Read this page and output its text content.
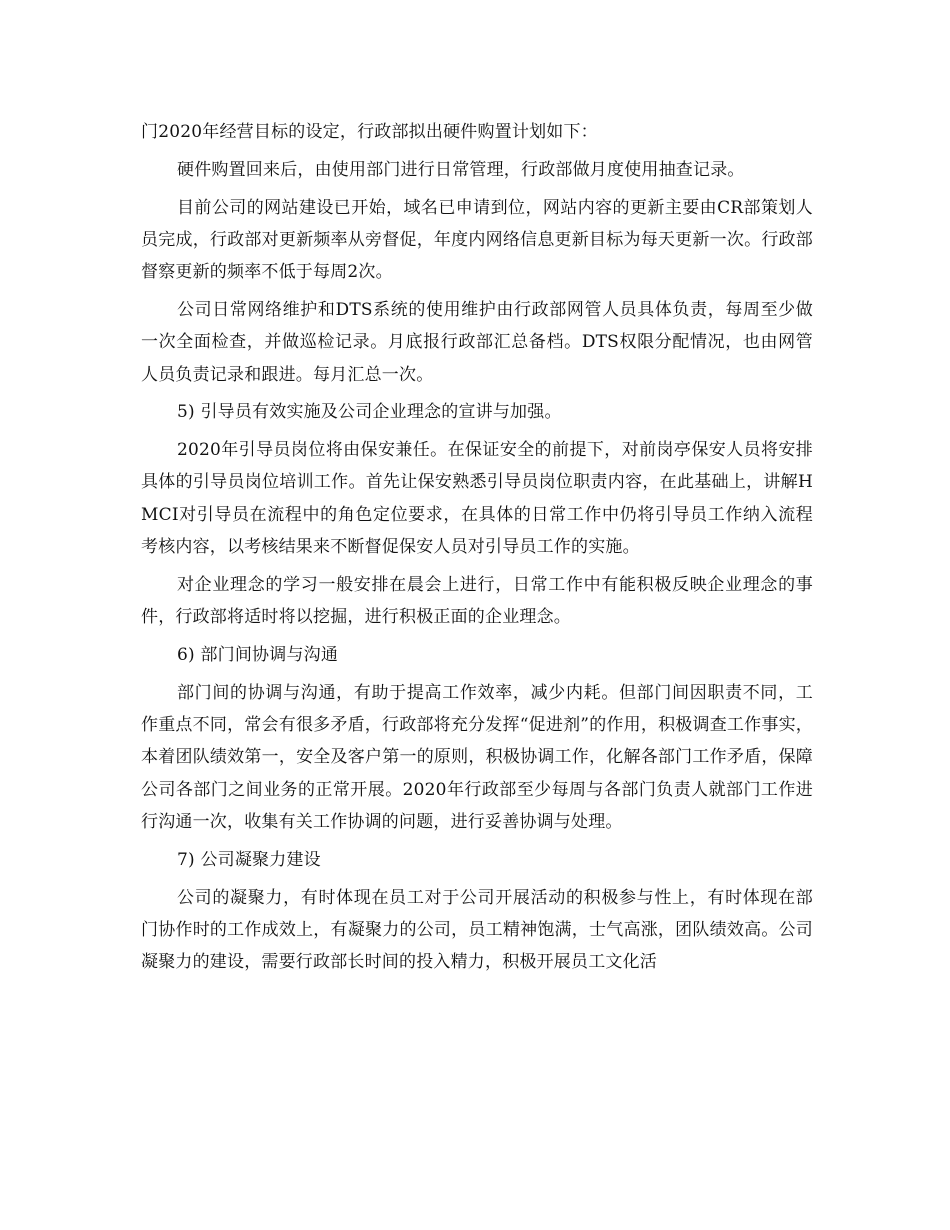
门2020年经营目标的设定，行政部拟出硬件购置计划如下：

硬件购置回来后，由使用部门进行日常管理，行政部做月度使用抽查记录。

目前公司的网站建设已开始，域名已申请到位，网站内容的更新主要由CR部策划人员完成，行政部对更新频率从旁督促，年度内网络信息更新目标为每天更新一次。行政部督察更新的频率不低于每周2次。

公司日常网络维护和DTS系统的使用维护由行政部网管人员具体负责，每周至少做一次全面检查，并做巡检记录。月底报行政部汇总备档。DTS权限分配情况，也由网管人员负责记录和跟进。每月汇总一次。

5) 引导员有效实施及公司企业理念的宣讲与加强。

2020年引导员岗位将由保安兼任。在保证安全的前提下，对前岗亭保安人员将安排具体的引导员岗位培训工作。首先让保安熟悉引导员岗位职责内容，在此基础上，讲解HMCI对引导员在流程中的角色定位要求，在具体的日常工作中仍将引导员工作纳入流程考核内容，以考核结果来不断督促保安人员对引导员工作的实施。

对企业理念的学习一般安排在晨会上进行，日常工作中有能积极反映企业理念的事件，行政部将适时将以挖掘，进行积极正面的企业理念。

6) 部门间协调与沟通

部门间的协调与沟通，有助于提高工作效率，减少内耗。但部门间因职责不同，工作重点不同，常会有很多矛盾，行政部将充分发挥“促进剂”的作用，积极调查工作事实，本着团队绩效第一，安全及客户第一的原则，积极协调工作，化解各部门工作矛盾，保障公司各部门之间业务的正常开展。2020年行政部至少每周与各部门负责人就部门工作进行沟通一次，收集有关工作协调的问题，进行妥善协调与处理。

7) 公司凝聚力建设

公司的凝聚力，有时体现在员工对于公司开展活动的积极参与性上，有时体现在部门协作时的工作成效上，有凝聚力的公司，员工精神饱满，士气高涨，团队绩效高。公司凝聚力的建设，需要行政部长时间的投入精力，积极开展员工文化活
